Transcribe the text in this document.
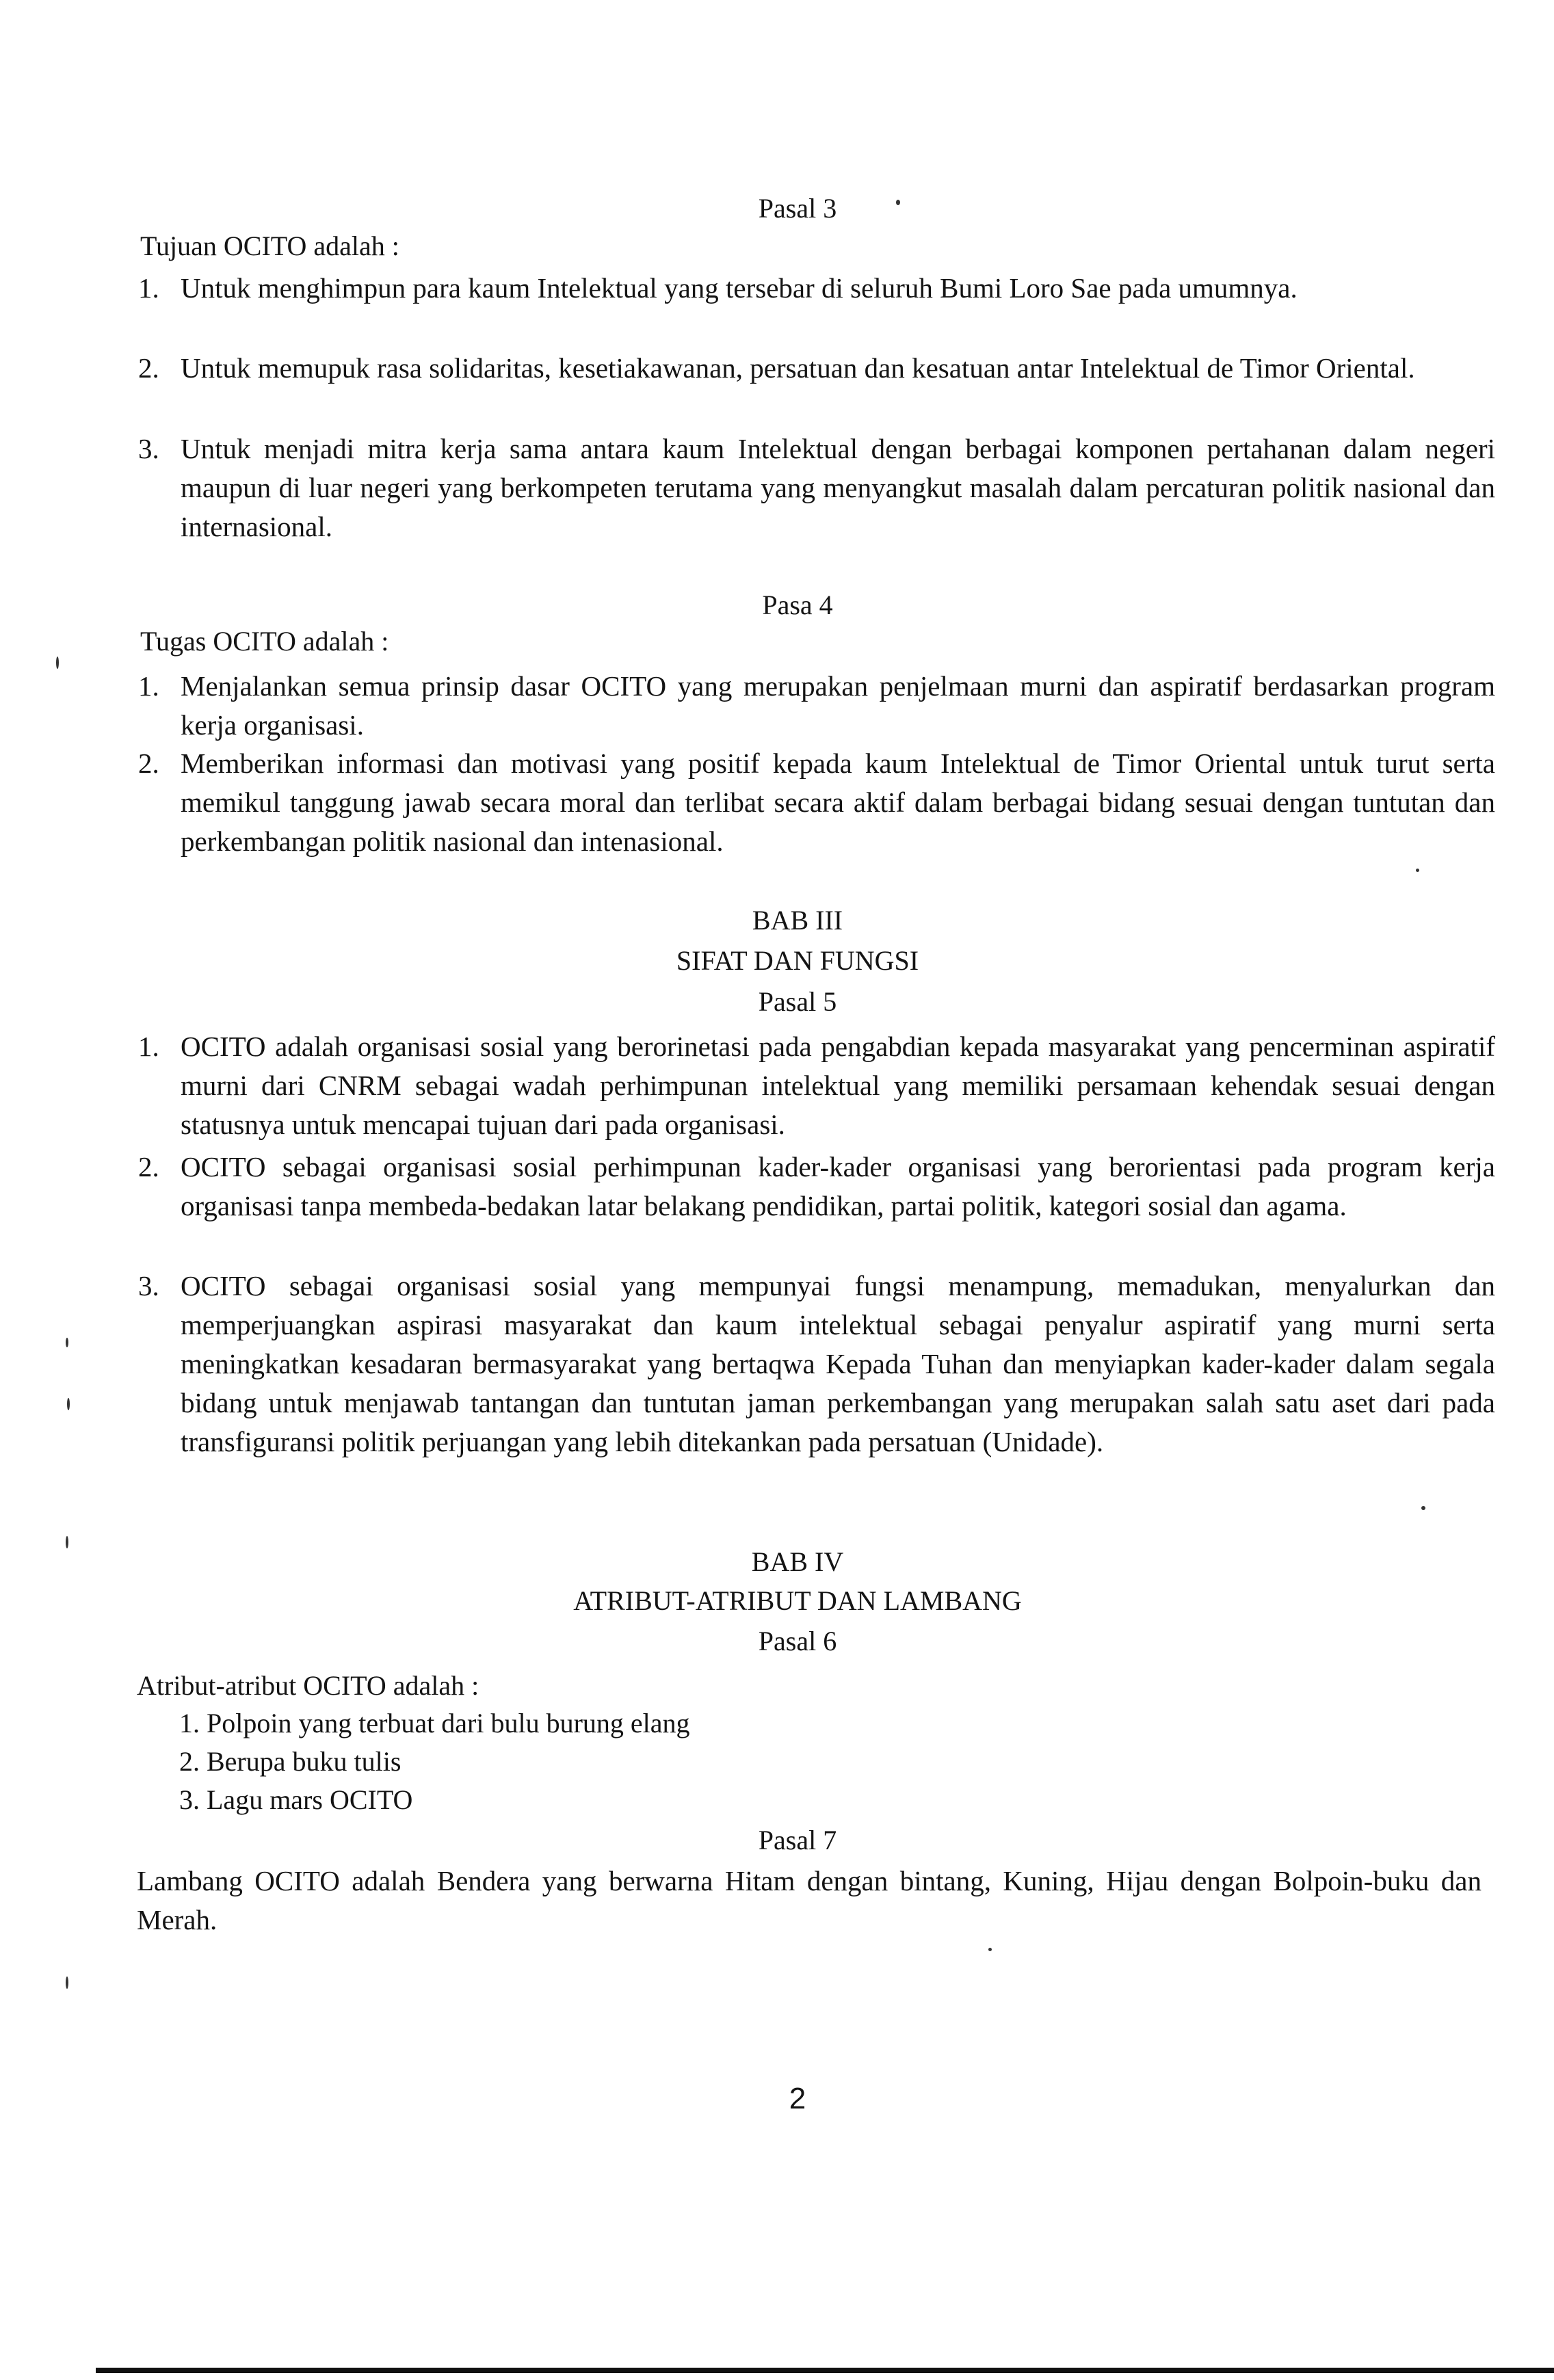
Pasal 3
Tujuan OCITO adalah :
1. Untuk menghimpun para kaum Intelektual yang tersebar di seluruh Bumi Loro Sae pada umumnya.
2. Untuk memupuk rasa solidaritas, kesetiakawanan, persatuan dan kesatuan antar Intelektual de Timor Oriental.
3. Untuk menjadi mitra kerja sama antara kaum Intelektual dengan berbagai komponen pertahanan dalam negeri maupun di luar negeri yang berkompeten terutama yang menyangkut masalah dalam percaturan politik nasional dan internasional.
Pasa 4
Tugas OCITO adalah :
1. Menjalankan semua prinsip dasar OCITO yang merupakan penjelmaan murni dan aspiratif berdasarkan program kerja organisasi.
2. Memberikan informasi dan motivasi yang positif kepada kaum Intelektual de Timor Oriental untuk turut serta memikul tanggung jawab secara moral dan terlibat secara aktif dalam berbagai bidang sesuai dengan tuntutan dan perkembangan politik nasional dan intenasional.
BAB III
SIFAT DAN FUNGSI
Pasal 5
1. OCITO adalah organisasi sosial yang berorinetasi pada pengabdian kepada masyarakat yang pencerminan aspiratif murni dari CNRM sebagai wadah perhimpunan intelektual yang memiliki persamaan kehendak sesuai dengan statusnya untuk mencapai tujuan dari pada organisasi.
2. OCITO sebagai organisasi sosial perhimpunan kader-kader organisasi yang berorientasi pada program kerja organisasi tanpa membeda-bedakan latar belakang pendidikan, partai politik, kategori sosial dan agama.
3. OCITO sebagai organisasi sosial yang mempunyai fungsi menampung, memadukan, menyalurkan dan memperjuangkan aspirasi masyarakat dan kaum intelektual sebagai penyalur aspiratif yang murni serta meningkatkan kesadaran bermasyarakat yang bertaqwa Kepada Tuhan dan menyiapkan kader-kader dalam segala bidang untuk menjawab tantangan dan tuntutan jaman perkembangan yang merupakan salah satu aset dari pada transfiguransi politik perjuangan yang lebih ditekankan pada persatuan (Unidade).
BAB IV
ATRIBUT-ATRIBUT DAN LAMBANG
Pasal 6
Atribut-atribut OCITO adalah :
1. Polpoin yang terbuat dari bulu burung elang
2. Berupa buku tulis
3. Lagu mars OCITO
Pasal 7
Lambang OCITO adalah Bendera yang berwarna Hitam dengan bintang, Kuning, Hijau dengan Bolpoin-buku dan Merah.
2
